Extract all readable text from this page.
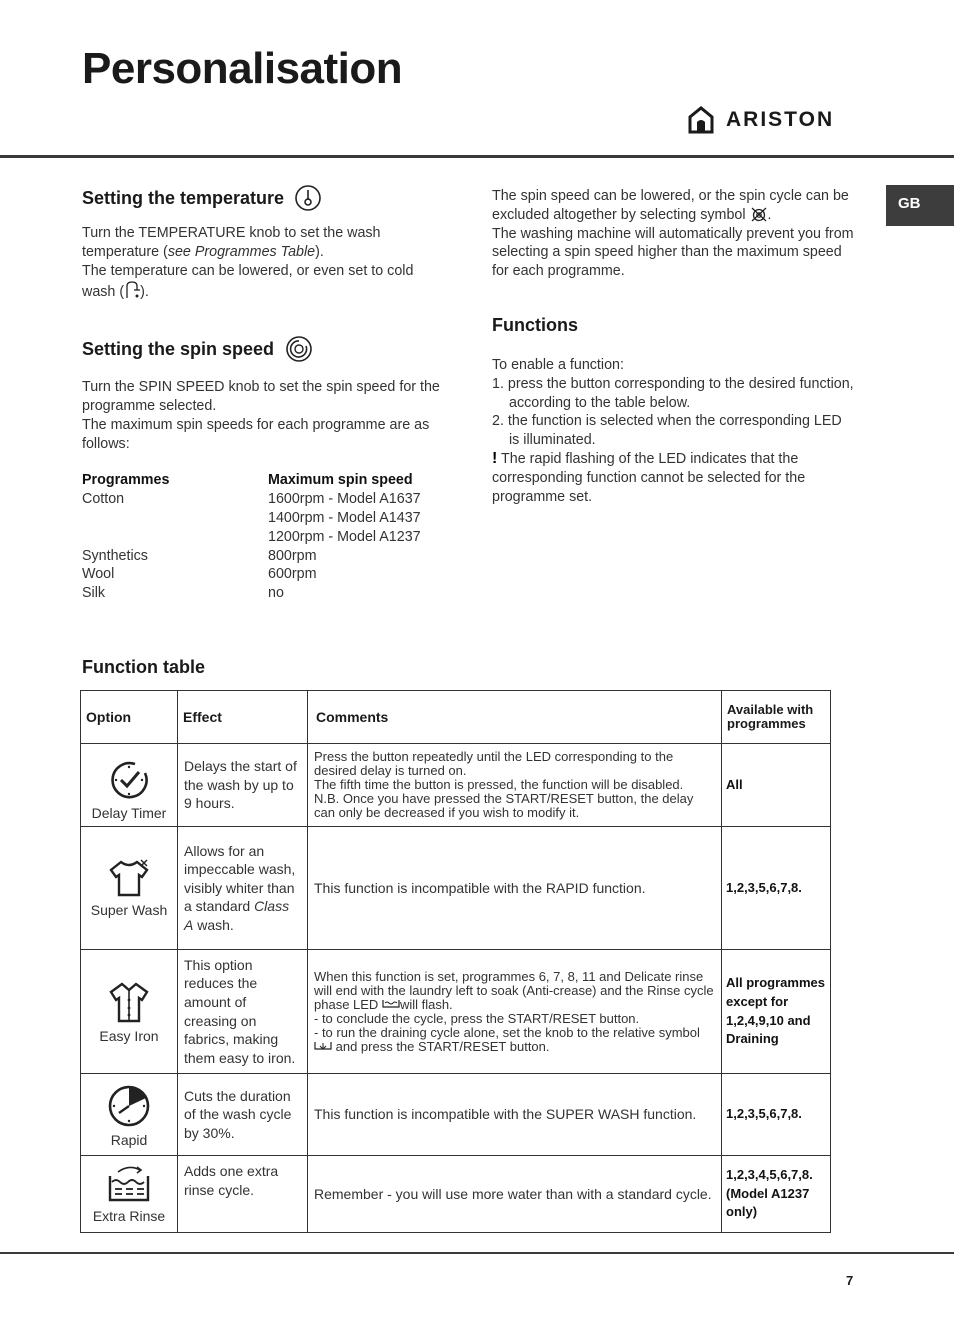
Personalisation
ARISTON
GB
Setting the temperature

Turn the TEMPERATURE knob to set the wash temperature (see Programmes Table).

The temperature can be lowered, or even set to cold wash ( ).

Setting the spin speed

Turn the SPIN SPEED knob to set the spin speed for the programme selected.

The maximum spin speeds for each programme are as follows:

Programmes	Maximum spin speed
Cotton	1600rpm - Model A1637
1400rpm - Model A1437
1200rpm - Model A1237
Synthetics	800rpm
Wool	600rpm
Silk	no

The spin speed can be lowered, or the spin cycle can be excluded altogether by selecting symbol .

The washing machine will automatically prevent you from selecting a spin speed higher than the maximum speed for each programme.

Functions

To enable a function:

1. press the button corresponding to the desired function, according to the table below.

2. the function is selected when the corresponding LED is illuminated.

! The rapid flashing of the LED indicates that the corresponding function cannot be selected for the programme set.

Function table
Option	Effect	Comments	Available with programmes

Delay Timer	Delays the start of the wash by up to 9 hours.	Press the button repeatedly until the LED corresponding to the desired delay is turned on.
The fifth time the button is pressed, the function will be disabled.
N.B. Once you have pressed the START/RESET button, the delay can only be decreased if you wish to modify it.	All

Super Wash	Allows for an impeccable wash, visibly whiter than a standard Class A wash.	This function is incompatible with the RAPID function.	1,2,3,5,6,7,8.

Easy Iron	This option reduces the amount of creasing on fabrics, making them easy to iron.	When this function is set, programmes 6, 7, 8, 11 and Delicate rinse will end with the laundry left to soak (Anti-crease) and the Rinse cycle phase LED will flash.
- to conclude the cycle, press the START/RESET button.
- to run the draining cycle alone, set the knob to the relative symbol  and press the START/RESET button.	All programmes except for 1,2,4,9,10 and Draining

Rapid	Cuts the duration of the wash cycle by 30%.	This function is incompatible with the SUPER WASH function.	1,2,3,5,6,7,8.

Extra Rinse	Adds one extra rinse cycle.	Remember - you will use more water than with a standard cycle.	1,2,3,4,5,6,7,8. (Model A1237 only)
7
